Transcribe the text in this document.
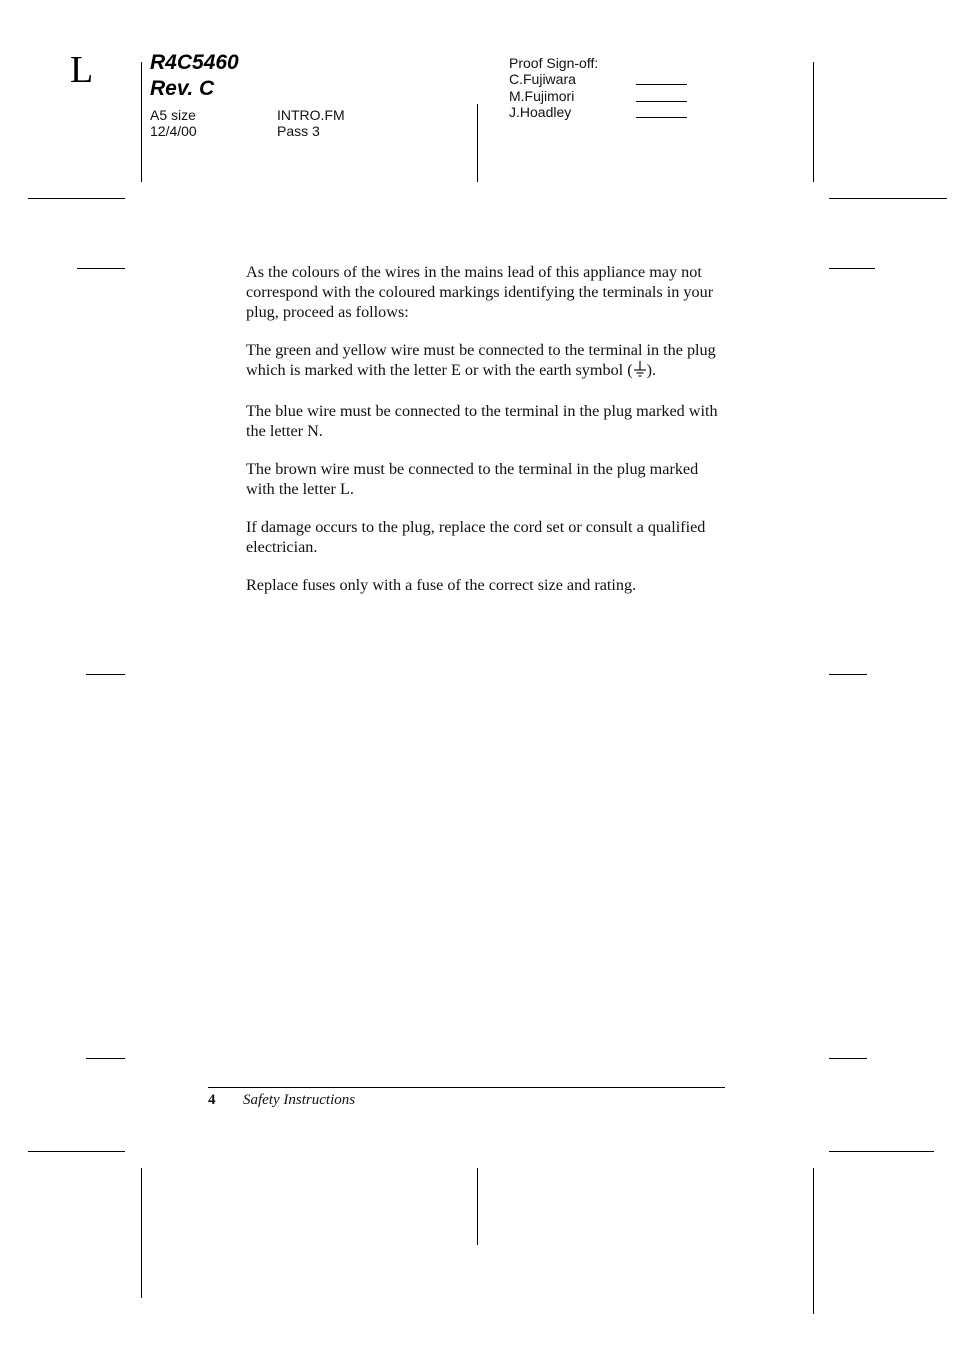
L	R4C5460
Rev. C
A5 size
12/4/00
INTRO.FM
Pass 3
Proof Sign-off:
C.Fujiwara
M.Fujimori
J.Hoadley

As the colours of the wires in the mains lead of this appliance may not correspond with the coloured markings identifying the terminals in your plug, proceed as follows:

The green and yellow wire must be connected to the terminal in the plug which is marked with the letter E or with the earth symbol ( ).

The blue wire must be connected to the terminal in the plug marked with the letter N.

The brown wire must be connected to the terminal in the plug marked with the letter L.

If damage occurs to the plug, replace the cord set or consult a qualified electrician.

Replace fuses only with a fuse of the correct size and rating.

4 Safety Instructions
